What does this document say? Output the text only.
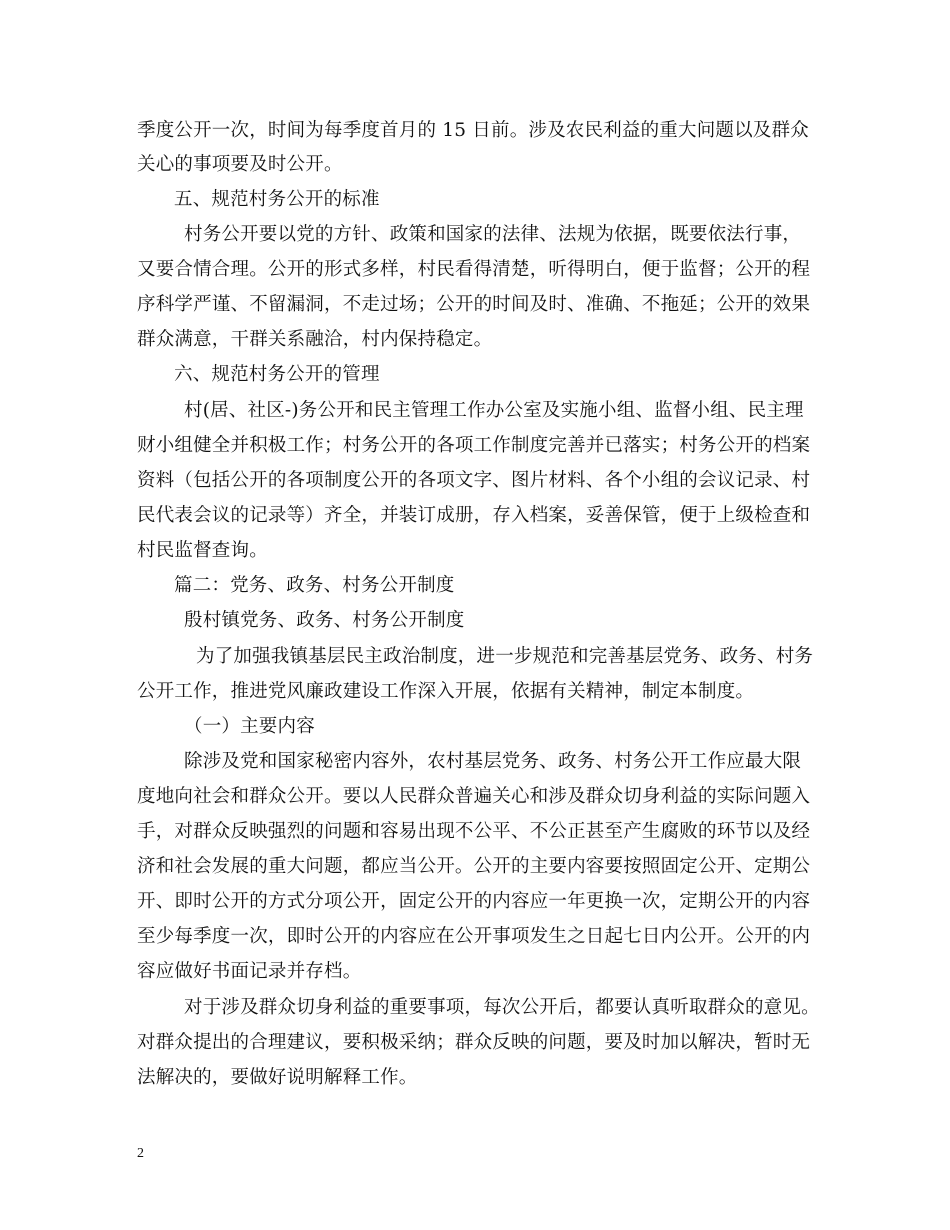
季度公开一次，时间为每季度首月的 15 日前。涉及农民利益的重大问题以及群众
关心的事项要及时公开。
五、规范村务公开的标准
村务公开要以党的方针、政策和国家的法律、法规为依据，既要依法行事，
又要合情合理。公开的形式多样，村民看得清楚，听得明白，便于监督；公开的程
序科学严谨、不留漏洞，不走过场；公开的时间及时、准确、不拖延；公开的效果
群众满意，干群关系融洽，村内保持稳定。
六、规范村务公开的管理
村(居、社区-)务公开和民主管理工作办公室及实施小组、监督小组、民主理
财小组健全并积极工作；村务公开的各项工作制度完善并已落实；村务公开的档案
资料（包括公开的各项制度公开的各项文字、图片材料、各个小组的会议记录、村
民代表会议的记录等）齐全，并装订成册，存入档案，妥善保管，便于上级检查和
村民监督查询。
篇二：党务、政务、村务公开制度
殷村镇党务、政务、村务公开制度
为了加强我镇基层民主政治制度，进一步规范和完善基层党务、政务、村务
公开工作，推进党风廉政建设工作深入开展，依据有关精神，制定本制度。
（一）主要内容
除涉及党和国家秘密内容外，农村基层党务、政务、村务公开工作应最大限
度地向社会和群众公开。要以人民群众普遍关心和涉及群众切身利益的实际问题入
手，对群众反映强烈的问题和容易出现不公平、不公正甚至产生腐败的环节以及经
济和社会发展的重大问题，都应当公开。公开的主要内容要按照固定公开、定期公
开、即时公开的方式分项公开，固定公开的内容应一年更换一次，定期公开的内容
至少每季度一次，即时公开的内容应在公开事项发生之日起七日内公开。公开的内
容应做好书面记录并存档。
对于涉及群众切身利益的重要事项，每次公开后，都要认真听取群众的意见。
对群众提出的合理建议，要积极采纳；群众反映的问题，要及时加以解决，暂时无
法解决的，要做好说明解释工作。
2
